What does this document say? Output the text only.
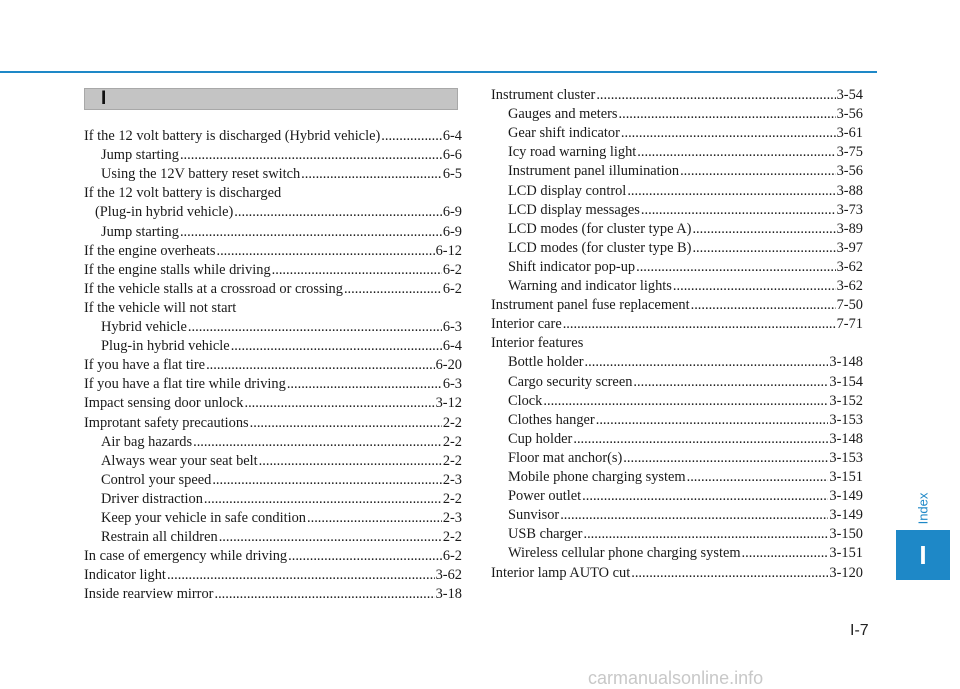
I
If the 12 volt battery is discharged (Hybrid vehicle) .....	6-4
Jump starting .....	6-6
Using the 12V battery reset switch .....	6-5
If the 12 volt battery is discharged
(Plug-in hybrid vehicle) .....	6-9
Jump starting .....	6-9
If the engine overheats .....	6-12
If the engine stalls while driving .....	6-2
If the vehicle stalls at a crossroad or crossing .....	6-2
If the vehicle will not start
Hybrid vehicle .....	6-3
Plug-in hybrid vehicle .....	6-4
If you have a flat tire .....	6-20
If you have a flat tire while driving .....	6-3
Impact sensing door unlock .....	3-12
Improtant safety precautions .....	2-2
Air bag hazards .....	2-2
Always wear your seat belt .....	2-2
Control your speed .....	2-3
Driver distraction .....	2-2
Keep your vehicle in safe condition .....	2-3
Restrain all children .....	2-2
In case of emergency while driving .....	6-2
Indicator light .....	3-62
Inside rearview mirror .....	3-18
Instrument cluster .....	3-54
Gauges and meters .....	3-56
Gear shift indicator .....	3-61
Icy road warning light .....	3-75
Instrument panel illumination .....	3-56
LCD display control .....	3-88
LCD display messages .....	3-73
LCD modes (for cluster type A) .....	3-89
LCD modes (for cluster type B) .....	3-97
Shift indicator pop-up .....	3-62
Warning and indicator lights .....	3-62
Instrument panel fuse replacement .....	7-50
Interior care .....	7-71
Interior features
Bottle holder .....	3-148
Cargo security screen .....	3-154
Clock .....	3-152
Clothes hanger .....	3-153
Cup holder .....	3-148
Floor mat anchor(s) .....	3-153
Mobile phone charging system .....	3-151
Power outlet .....	3-149
Sunvisor .....	3-149
USB charger .....	3-150
Wireless cellular phone charging system .....	3-151
Interior lamp AUTO cut .....	3-120
Index
I
I-7
carmanualsonline.info
